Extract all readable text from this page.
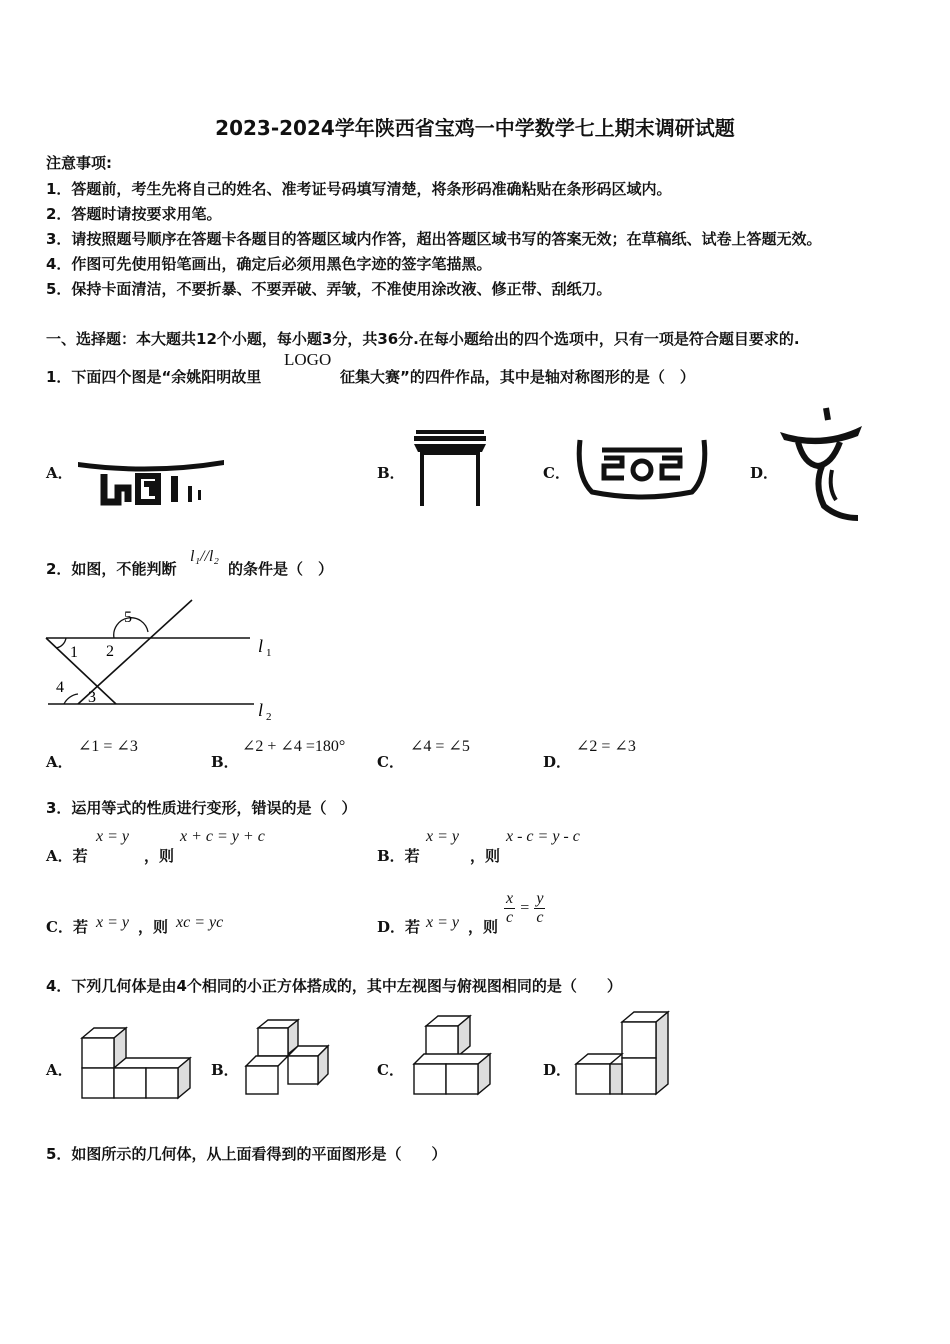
2023-2024学年陕西省宝鸡一中学数学七上期末调研试题
注意事项:
1．答题前，考生先将自己的姓名、准考证号码填写清楚，将条形码准确粘贴在条形码区域内。
2．答题时请按要求用笔。
3．请按照题号顺序在答题卡各题目的答题区域内作答，超出答题区域书写的答案无效；在草稿纸、试卷上答题无效。
4．作图可先使用铅笔画出，确定后必须用黑色字迹的签字笔描黑。
5．保持卡面清洁，不要折暴、不要弄破、弄皱，不准使用涂改液、修正带、刮纸刀。
一、选择题：本大题共12个小题，每小题3分，共36分.在每小题给出的四个选项中，只有一项是符合题目要求的.
1．下面四个图是“余姚阳明故里
LOGO
征集大赛”的四件作品，其中是轴对称图形的是（　）
A．	B．	C．	D．
2．如图，不能判断
l₁//l₂
的条件是（　）
5
1 2
4
3
l 1
l 2
A．
∠1 = ∠3
B．
∠2 + ∠4 =180°
C．
∠4 = ∠5
D．
∠2 = ∠3
3．运用等式的性质进行变形，错误的是（　）
A．若
x = y
，则
x + c = y + c
B．若
x = y
，则
x - c = y - c
C．若 x = y ，则 xc = yc	D．若 x = y ，则 $\frac{x}{c} = \frac{y}{c}$
4．下列几何体是由4个相同的小正方体搭成的，其中左视图与俯视图相同的是（　　）
A．	B．	C．	D．
5．如图所示的几何体，从上面看得到的平面图形是（　　）
